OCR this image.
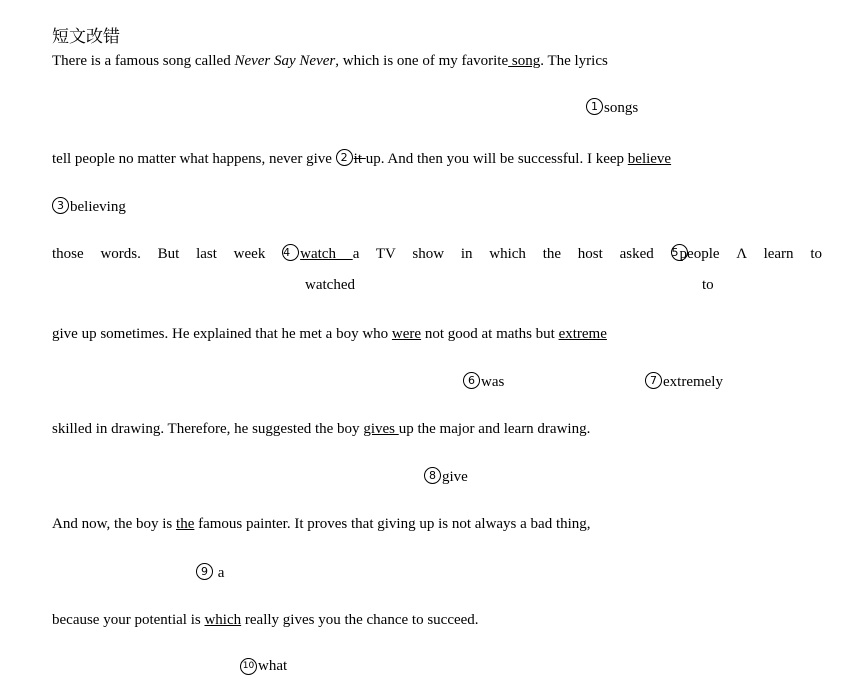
短文改错
There is a famous song called Never Say Never, which is one of my favorite song. The lyrics
1 songs
tell people no matter what happens, never give 2 it up. And then you will be successful. I keep believe
3 believing
those words. But last week 4 watch a TV show in which the host asked 5people Λ learn to
watched	to
give up sometimes. He explained that he met a boy who were not good at maths but extreme
6 was	7 extremely
skilled in drawing. Therefore, he suggested the boy gives up the major and learn drawing.
8 give
And now, the boy is the famous painter. It proves that giving up is not always a bad thing,
9 a
because your potential is which really gives you the chance to succeed.
10 what
